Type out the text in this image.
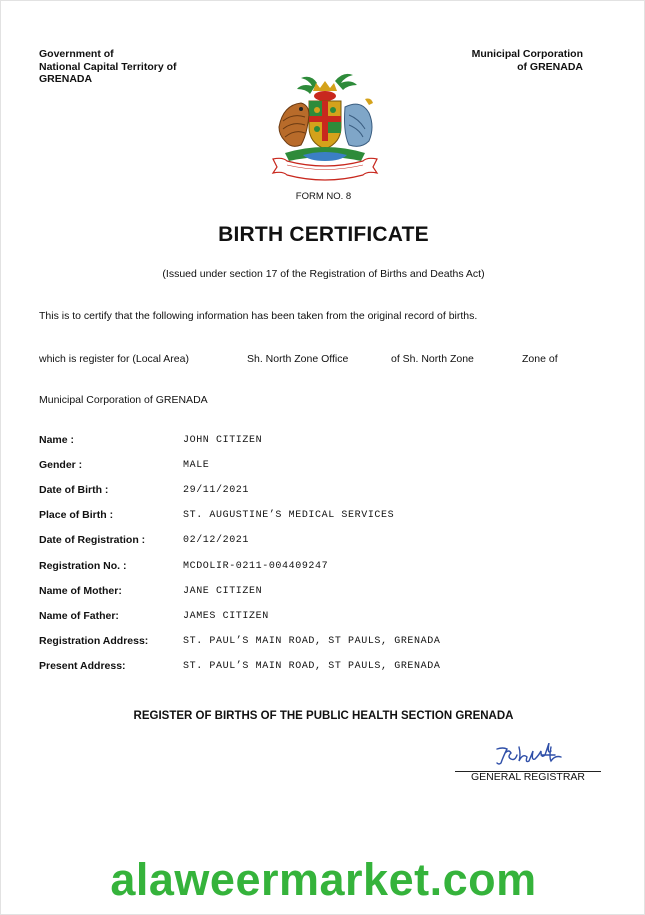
Government of
National Capital Territory of
GRENADA
Municipal Corporation
of GRENADA
FORM NO. 8
BIRTH CERTIFICATE
(Issued under section 17 of the Registration of Births and Deaths Act)
This is to certify that the following information has been taken from the original record of births.
which is register for (Local Area)	Sh. North Zone Office	of Sh. North Zone	Zone of
Municipal Corporation of GRENADA
Name :	JOHN CITIZEN
Gender :	MALE
Date of Birth :	29/11/2021
Place of Birth :	ST. AUGUSTINE’S MEDICAL SERVICES
Date of Registration :	02/12/2021
Registration No. :	MCDOLIR-0211-004409247
Name of Mother:	JANE CITIZEN
Name of Father:	JAMES CITIZEN
Registration Address:	ST. PAUL’S MAIN ROAD, ST PAULS, GRENADA
Present Address:	ST. PAUL’S MAIN ROAD, ST PAULS, GRENADA
REGISTER OF BIRTHS OF THE PUBLIC HEALTH SECTION GRENADA
GENERAL REGISTRAR
alaweermarket.com
